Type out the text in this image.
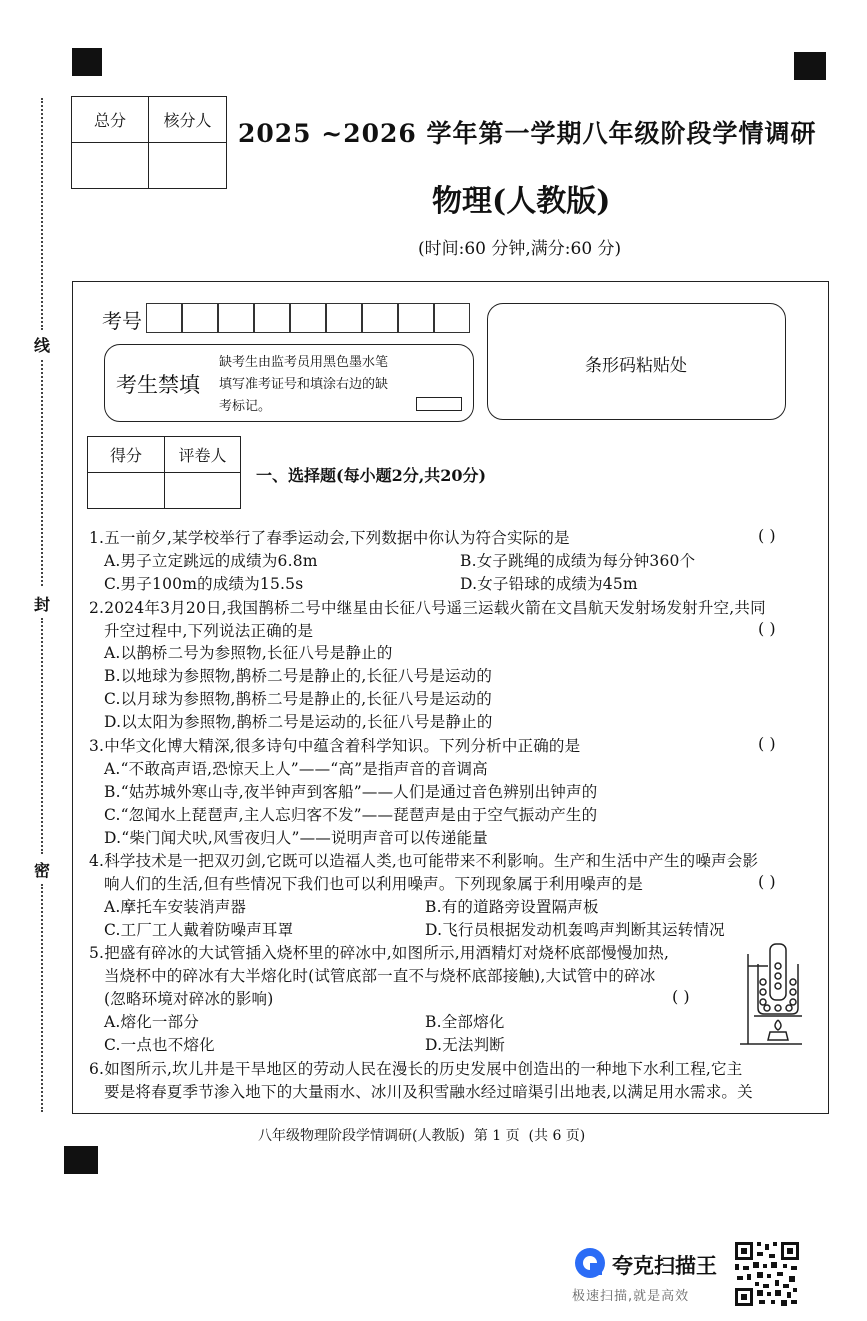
线
封
密
总分	核分人
	2025 ~2026 学年第一学期八年级阶段学情调研
物理(人教版)
(时间:60 分钟,满分:60 分)
考号
考生禁填
缺考生由监考员用黑色墨水笔
填写准考证号和填涂右边的缺
考标记。
条形码粘贴处
得分	评卷人

一、选择题(每小题2分,共20分)
1.五一前夕,某学校举行了春季运动会,下列数据中你认为符合实际的是	( )
A.男子立定跳远的成绩为6.8m	B.女子跳绳的成绩为每分钟360个
C.男子100m的成绩为15.5s	D.女子铅球的成绩为45m
2.2024年3月20日,我国鹊桥二号中继星由长征八号遥三运载火箭在文昌航天发射场发射升空,共同
升空过程中,下列说法正确的是	( )
A.以鹊桥二号为参照物,长征八号是静止的
B.以地球为参照物,鹊桥二号是静止的,长征八号是运动的
C.以月球为参照物,鹊桥二号是静止的,长征八号是运动的
D.以太阳为参照物,鹊桥二号是运动的,长征八号是静止的
3.中华文化博大精深,很多诗句中蕴含着科学知识。下列分析中正确的是	( )
A.“不敢高声语,恐惊天上人”——“高”是指声音的音调高
B.“姑苏城外寒山寺,夜半钟声到客船”——人们是通过音色辨别出钟声的
C.“忽闻水上琵琶声,主人忘归客不发”——琵琶声是由于空气振动产生的
D.“柴门闻犬吠,风雪夜归人”——说明声音可以传递能量
4.科学技术是一把双刃剑,它既可以造福人类,也可能带来不利影响。生产和生活中产生的噪声会影
响人们的生活,但有些情况下我们也可以利用噪声。下列现象属于利用噪声的是	( )
A.摩托车安装消声器	B.有的道路旁设置隔声板
C.工厂工人戴着防噪声耳罩	D.飞行员根据发动机轰鸣声判断其运转情况
5.把盛有碎冰的大试管插入烧杯里的碎冰中,如图所示,用酒精灯对烧杯底部慢慢加热,
当烧杯中的碎冰有大半熔化时(试管底部一直不与烧杯底部接触),大试管中的碎冰
(忽略环境对碎冰的影响)	( )
A.熔化一部分	B.全部熔化
C.一点也不熔化	D.无法判断
6.如图所示,坎儿井是干旱地区的劳动人民在漫长的历史发展中创造出的一种地下水利工程,它主
要是将春夏季节渗入地下的大量雨水、冰川及积雪融水经过暗渠引出地表,以满足用水需求。关
八年级物理阶段学情调研(人教版)  第 1 页  (共 6 页)
夸克扫描王
极速扫描,就是高效
